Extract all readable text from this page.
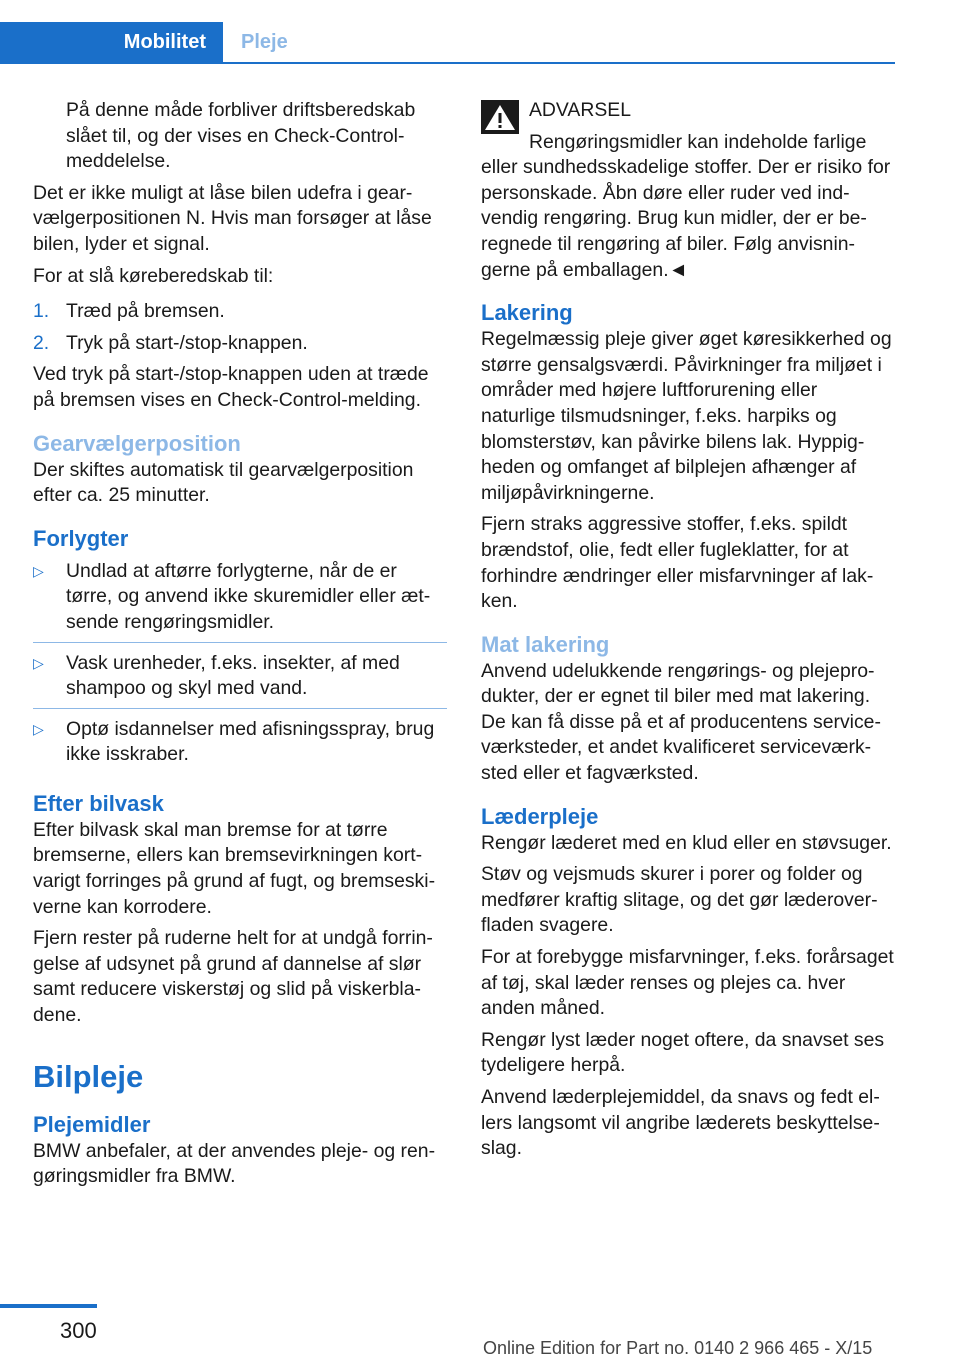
Mobilitet	Pleje

På denne måde forbliver driftsberedskab slået til, og der vises en Check-Control-meddelelse.

Det er ikke muligt at låse bilen udefra i gearvælgerpositionen N. Hvis man forsøger at låse bilen, lyder et signal.

For at slå køreberedskab til:

1. Træd på bremsen.
2. Tryk på start-/stop-knappen.

Ved tryk på start-/stop-knappen uden at træde på bremsen vises en Check-Control-melding.

Gearvælgerposition

Der skiftes automatisk til gearvælgerposition efter ca. 25 minutter.

Forlygter
▷ Undlad at aftørre forlygterne, når de er tørre, og anvend ikke skuremidler eller ætsende rengøringsmidler.
▷ Vask urenheder, f.eks. insekter, af med shampoo og skyl med vand.
▷ Optø isdannelser med afisningsspray, brug ikke isskraber.
Efter bilvask

Efter bilvask skal man bremse for at tørre bremserne, ellers kan bremsevirkningen kortvarigt forringes på grund af fugt, og bremseskiverne kan korrodere.

Fjern rester på ruderne helt for at undgå forringelse af udsynet på grund af dannelse af slør samt reducere viskerstøj og slid på viskerbladene.

Bilpleje
Plejemidler

BMW anbefaler, at der anvendes pleje- og rengøringsmidler fra BMW.

ADVARSEL

Rengøringsmidler kan indeholde farlige eller sundhedsskadelige stoffer. Der er risiko for personskade. Åbn døre eller ruder ved indvendig rengøring. Brug kun midler, der er beregnede til rengøring af biler. Følg anvisningerne på emballagen.◄

Lakering

Regelmæssig pleje giver øget køresikkerhed og større gensalgsværdi. Påvirkninger fra miljøet i områder med højere luftforurening eller naturlige tilsmudsninger, f.eks. harpiks og blomsterstøv, kan påvirke bilens lak. Hyppigheden og omfanget af bilplejen afhænger af miljøpåvirkningerne.

Fjern straks aggressive stoffer, f.eks. spildt brændstof, olie, fedt eller fugleklatter, for at forhindre ændringer eller misfarvninger af lakken.

Mat lakering

Anvend udelukkende rengørings- og plejeprodukter, der er egnet til biler med mat lakering. De kan få disse på et af producentens serviceværksteder, et andet kvalificeret serviceværksted eller et fagværksted.

Læderpleje

Rengør læderet med en klud eller en støvsuger.

Støv og vejsmuds skurer i porer og folder og medfører kraftig slitage, og det gør læderoverfladen svagere.

For at forebygge misfarvninger, f.eks. forårsaget af tøj, skal læder renses og plejes ca. hver anden måned.

Rengør lyst læder noget oftere, da snavset ses tydeligere herpå.

Anvend læderplejemiddel, da snavs og fedt ellers langsomt vil angribe læderets beskyttelseslag.

300
Online Edition for Part no. 0140 2 966 465 - X/15
